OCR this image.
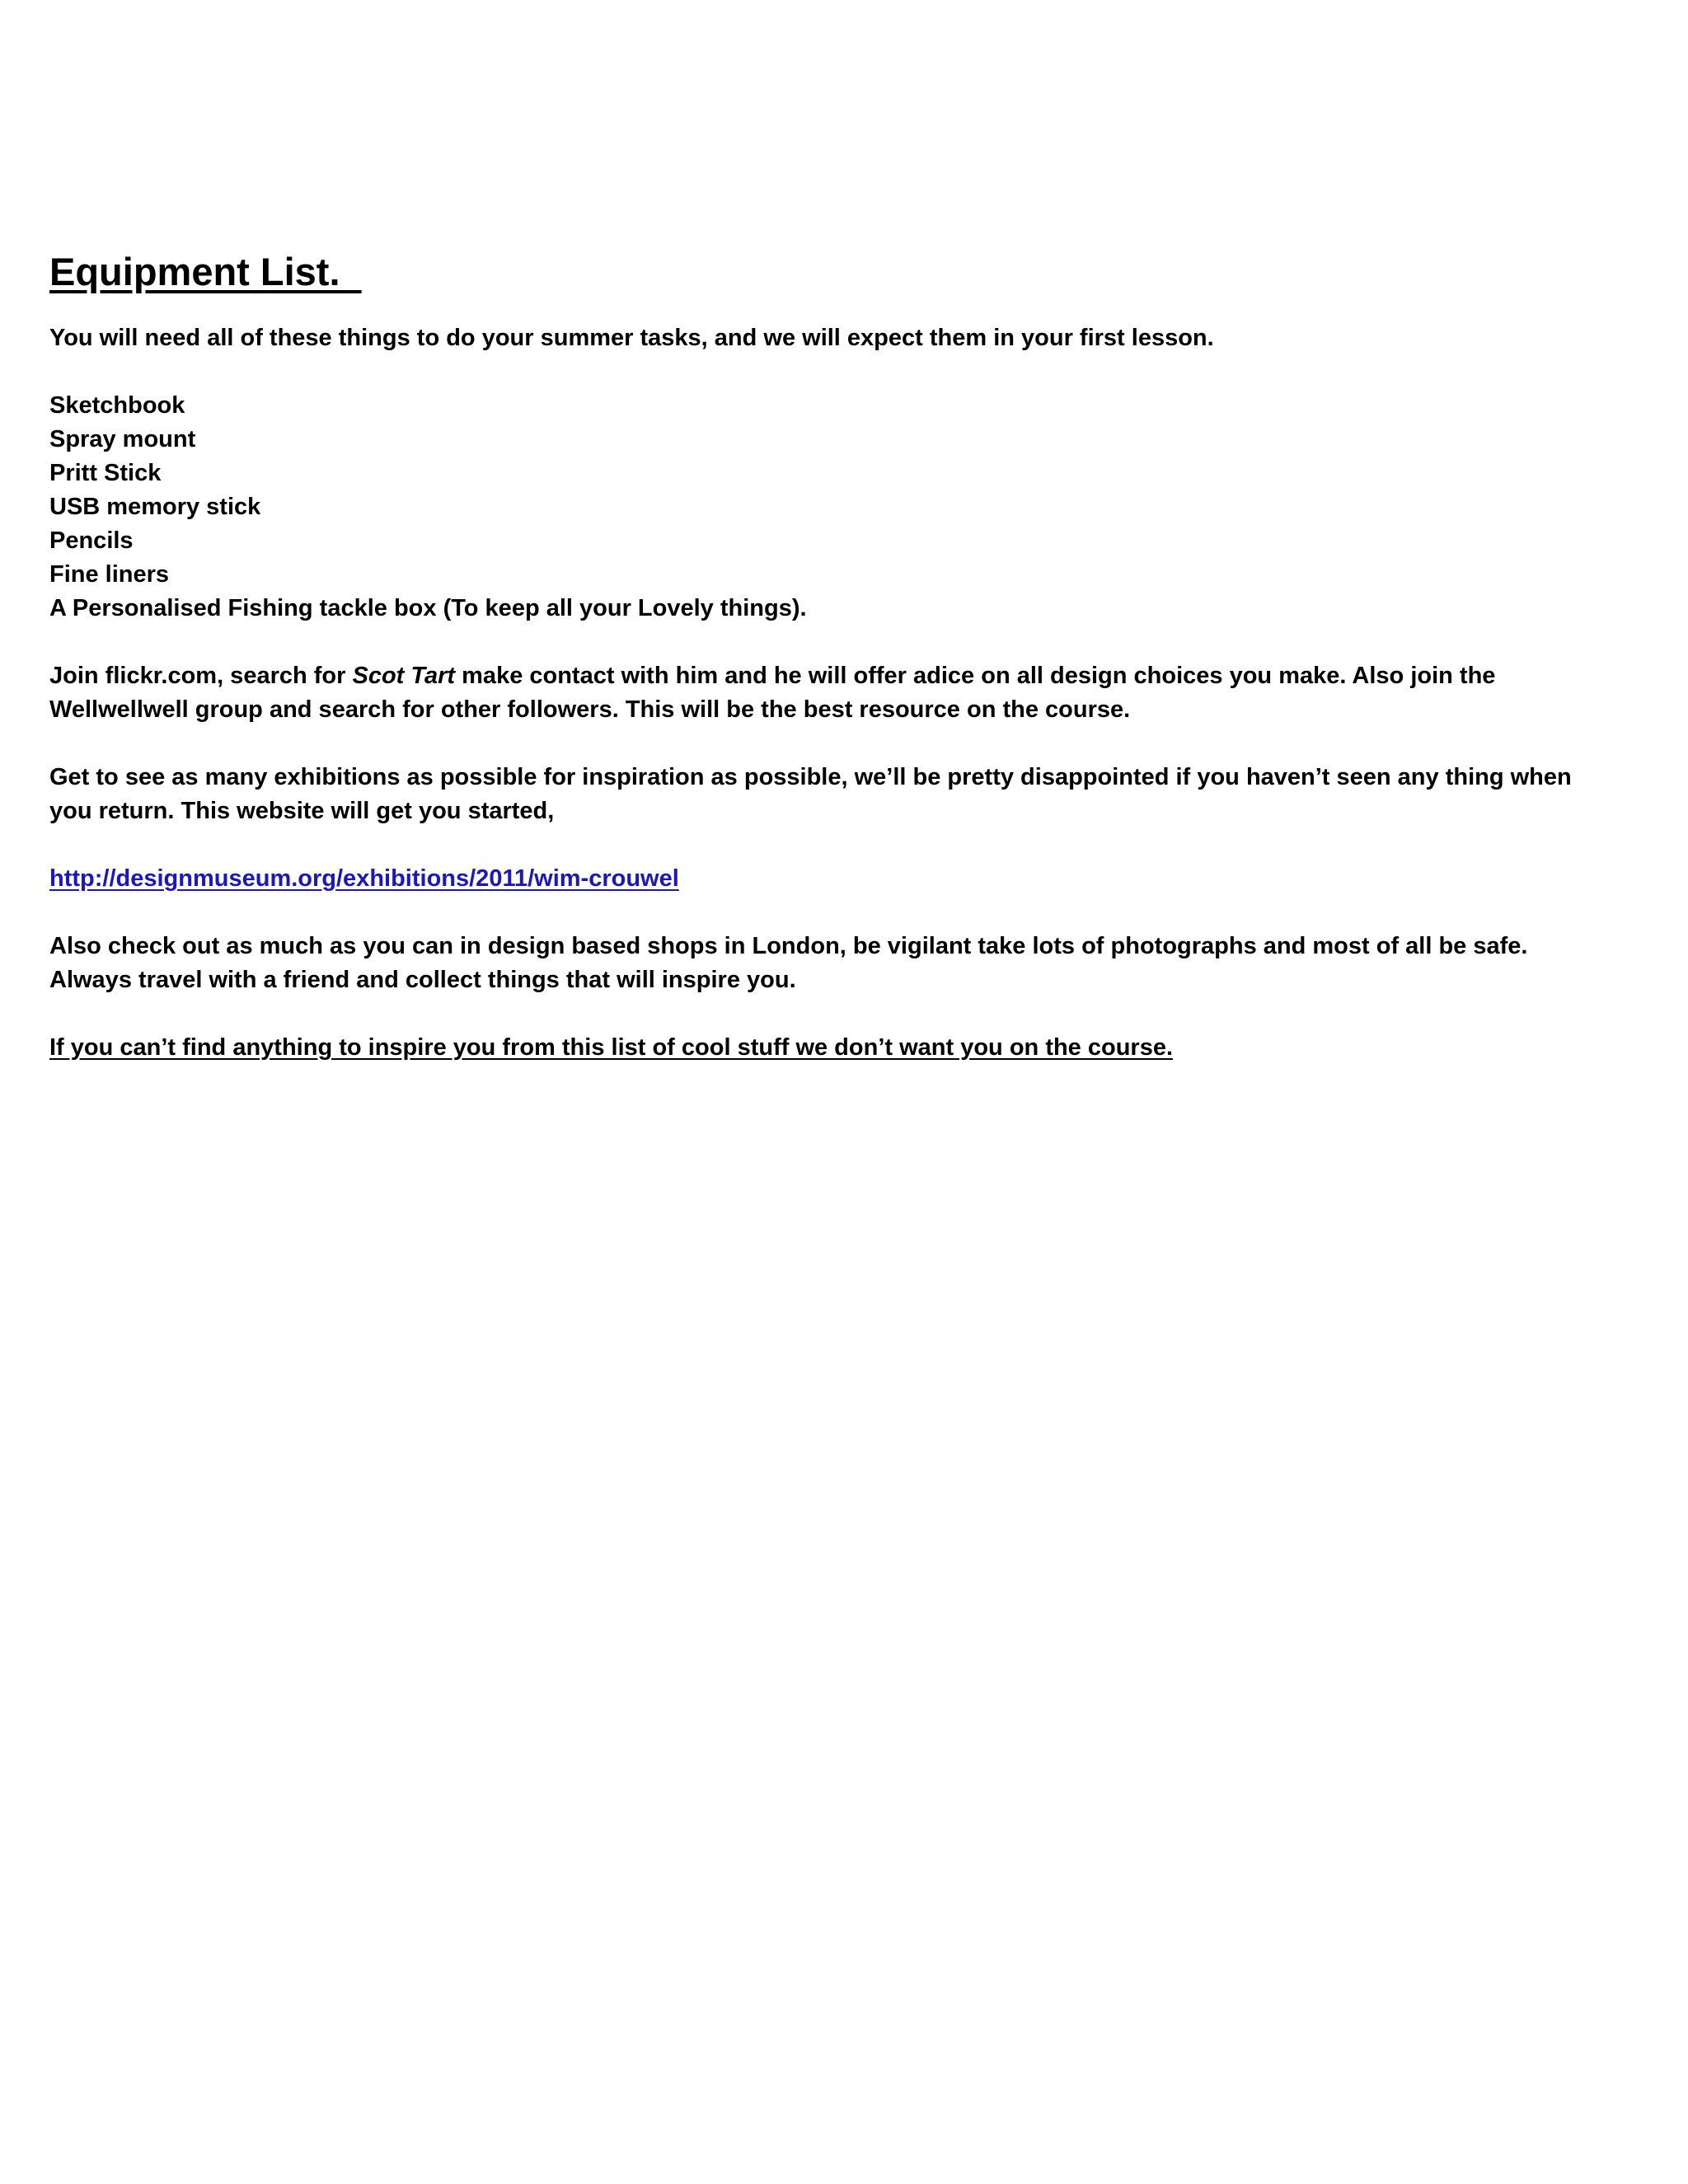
Equipment List.

You will need all of these things to do your summer tasks, and we will expect them in your first lesson.

Sketchbook
Spray mount
Pritt Stick
USB memory stick
Pencils
Fine liners
A Personalised Fishing tackle box (To keep all your Lovely things).

Join flickr.com, search for Scot Tart make contact with him and he will offer adice on all design choices you make. Also join the Wellwellwell group and search for other followers. This will be the best resource on the course.

Get to see as many exhibitions as possible for inspiration as possible, we’ll be pretty disappointed if you haven’t seen any thing when you return. This website will get you started,

http://designmuseum.org/exhibitions/2011/wim-crouwel

Also check out as much as you can in design based shops in London, be vigilant take lots of photographs and most of all be safe. Always travel with a friend and collect things that will inspire you.

If you can’t find anything to inspire you from this list of cool stuff we don’t want you on the course.
